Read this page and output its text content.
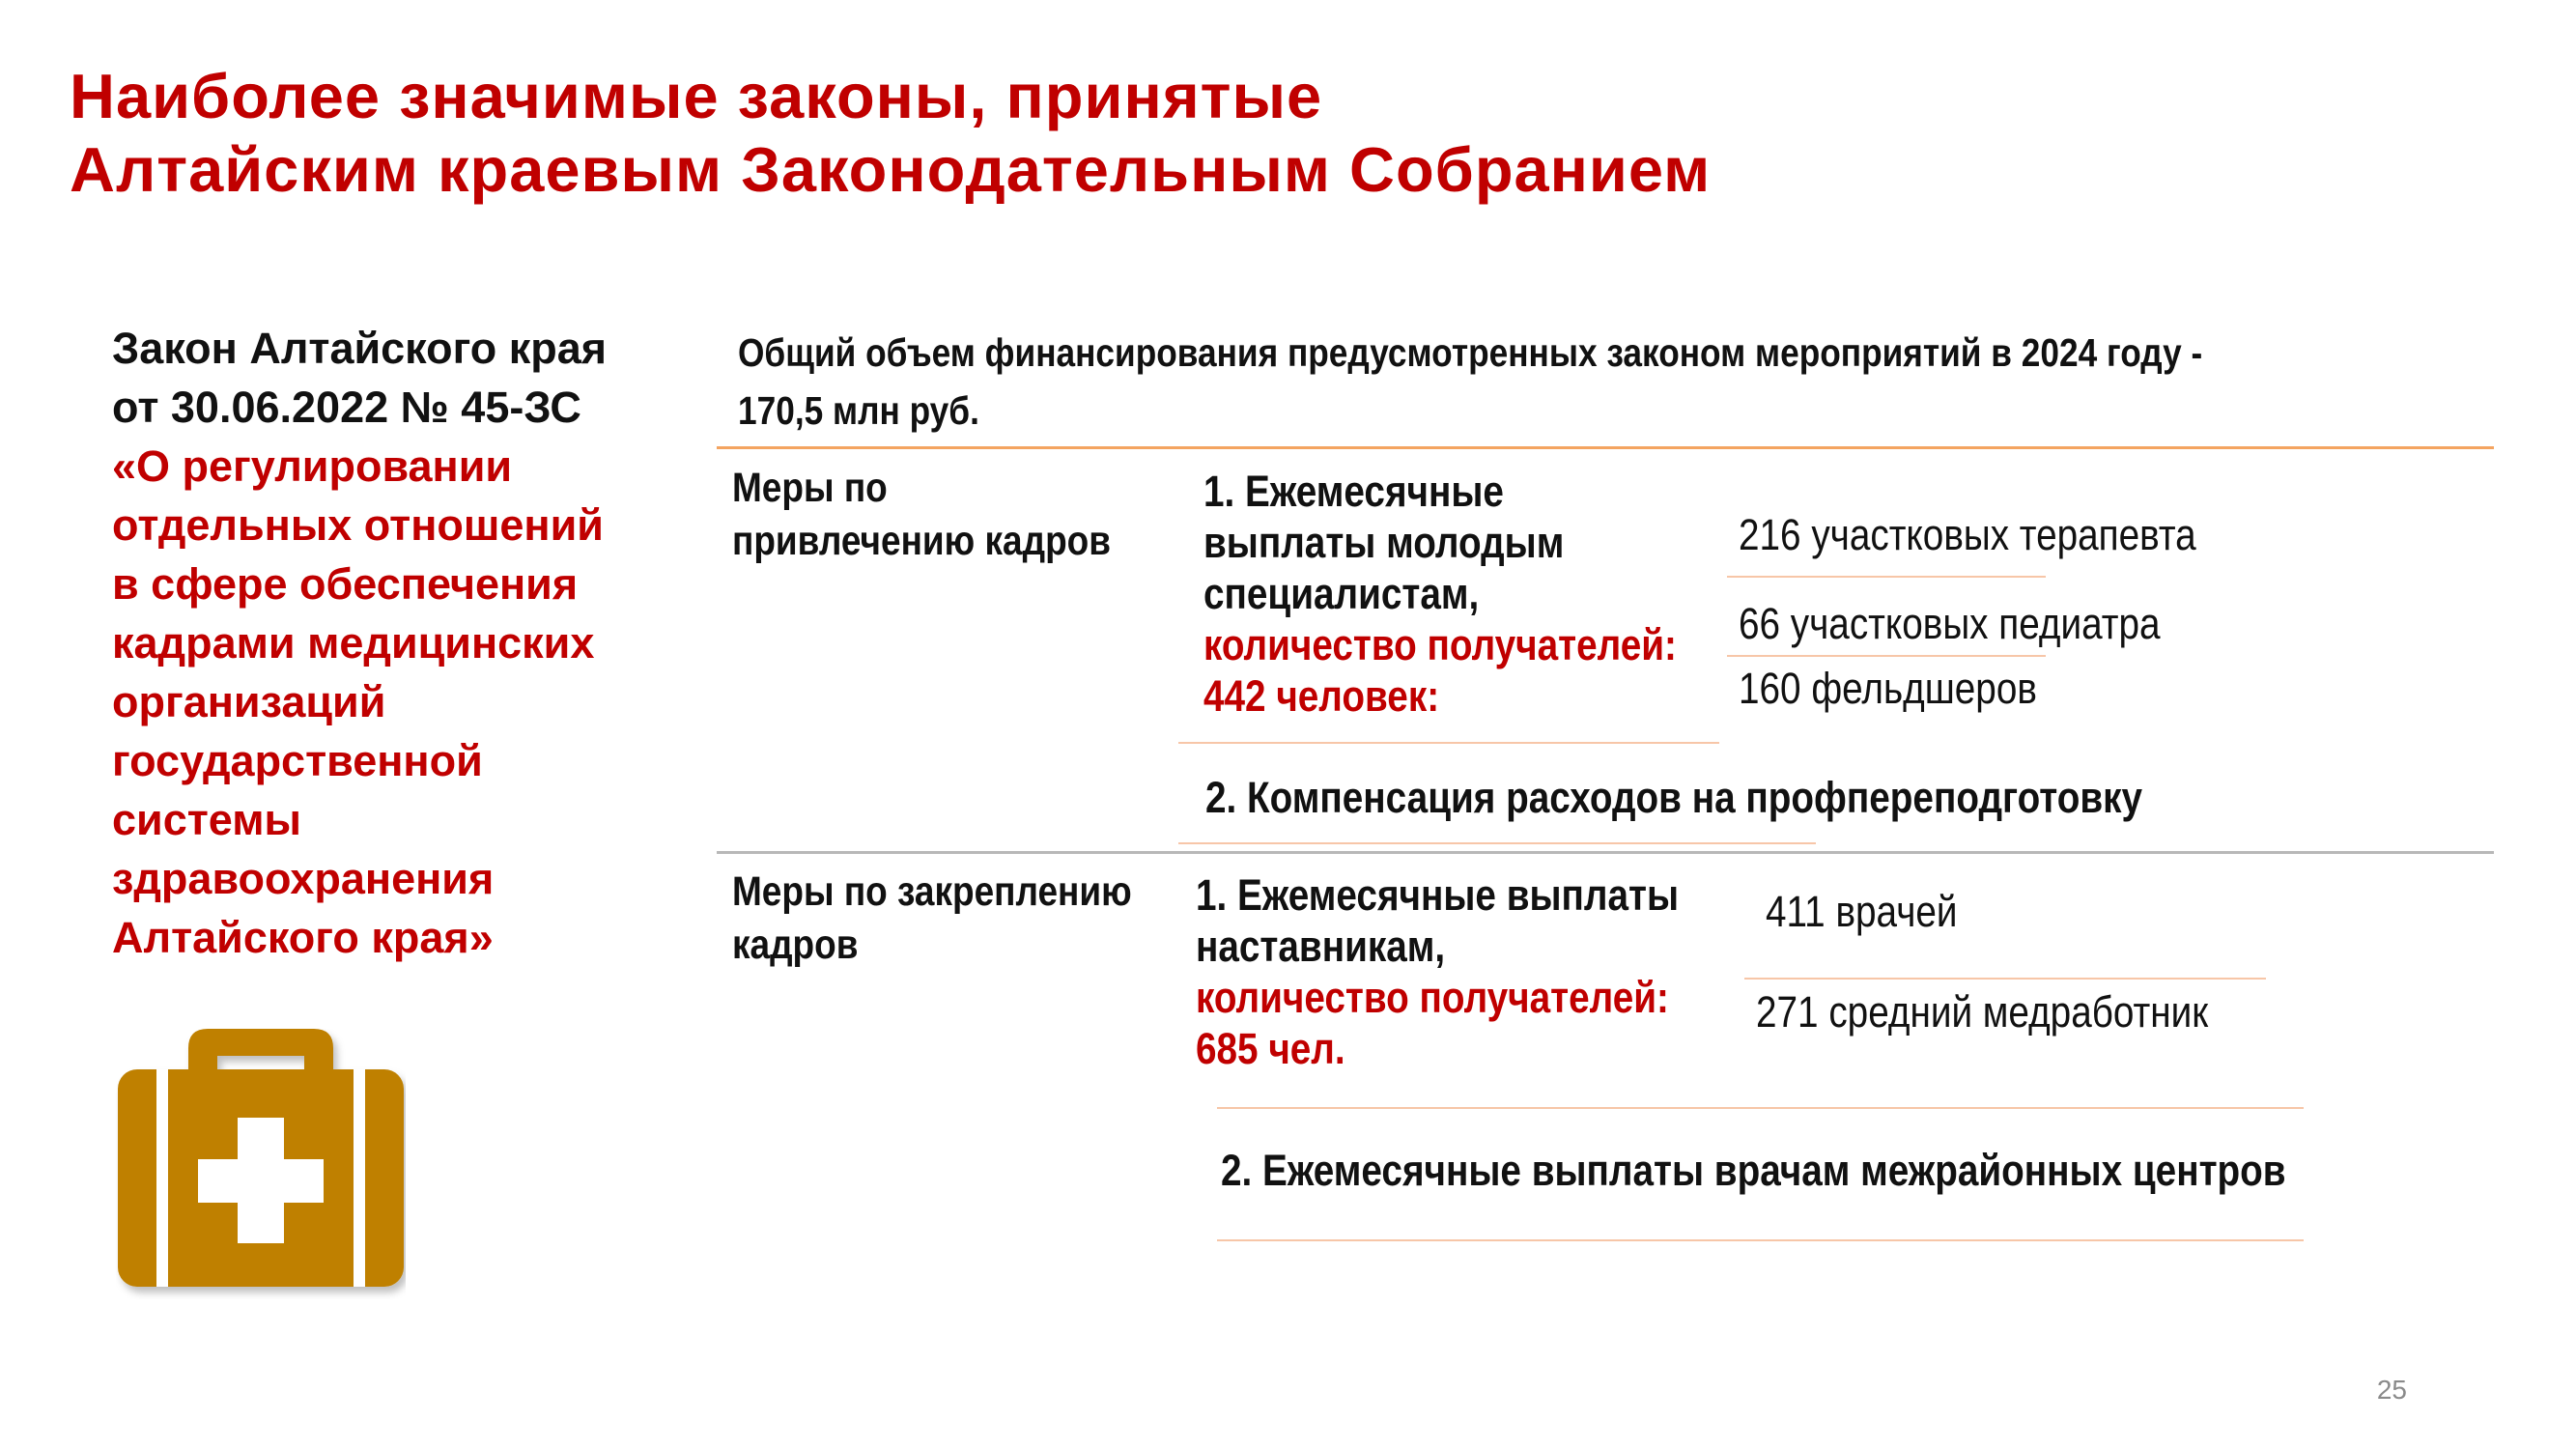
Наиболее значимые законы, принятые
Алтайским краевым Законодательным Собранием
Закон Алтайского края
от 30.06.2022 № 45-ЗС
«О регулировании
отдельных отношений
в сфере обеспечения
кадрами медицинских
организаций
государственной
системы
здравоохранения
Алтайского края»
Общий объем финансирования предусмотренных законом мероприятий в 2024 году -
170,5 млн руб.
Меры по
привлечению кадров
1. Ежемесячные
выплаты молодым
специалистам,
количество получателей:
442 человек:
216 участковых терапевта
66 участковых педиатра
160 фельдшеров
2. Компенсация расходов на профпереподготовку
Меры по закреплению
кадров
1. Ежемесячные выплаты
наставникам,
количество получателей:
685 чел.
411 врачей
271 средний медработник
2. Ежемесячные выплаты врачам межрайонных центров
25
